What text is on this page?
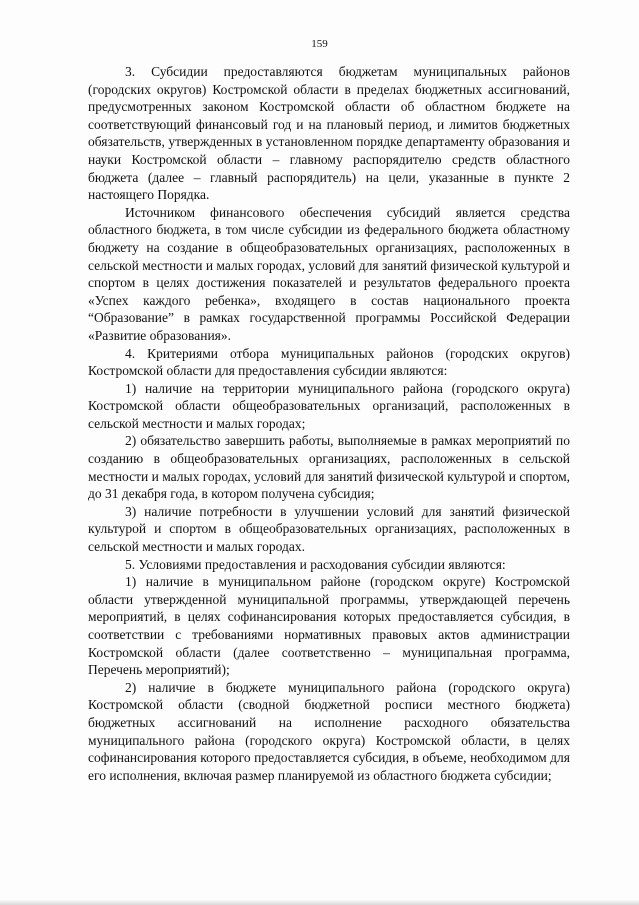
159

3. Субсидии предоставляются бюджетам муниципальных районов (городских округов) Костромской области в пределах бюджетных ассигнований, предусмотренных законом Костромской области об областном бюджете на соответствующий финансовый год и на плановый период, и лимитов бюджетных обязательств, утвержденных в установленном порядке департаменту образования и науки Костромской области – главному распорядителю средств областного бюджета (далее – главный распорядитель) на цели, указанные в пункте 2 настоящего Порядка.

Источником финансового обеспечения субсидий является средства областного бюджета, в том числе субсидии из федерального бюджета областному бюджету на создание в общеобразовательных организациях, расположенных в сельской местности и малых городах, условий для занятий физической культурой и спортом в целях достижения показателей и результатов федерального проекта «Успех каждого ребенка», входящего в состав национального проекта “Образование” в рамках государственной программы Российской Федерации «Развитие образования».

4. Критериями отбора муниципальных районов (городских округов) Костромской области для предоставления субсидии являются:

1) наличие на территории муниципального района (городского округа) Костромской области общеобразовательных организаций, расположенных в сельской местности и малых городах;

2) обязательство завершить работы, выполняемые в рамках мероприятий по созданию в общеобразовательных организациях, расположенных в сельской местности и малых городах, условий для занятий физической культурой и спортом, до 31 декабря года, в котором получена субсидия;

3) наличие потребности в улучшении условий для занятий физической культурой и спортом в общеобразовательных организациях, расположенных в сельской местности и малых городах.

5. Условиями предоставления и расходования субсидии являются:

1) наличие в муниципальном районе (городском округе) Костромской области утвержденной муниципальной программы, утверждающей перечень мероприятий, в целях софинансирования которых предоставляется субсидия, в соответствии с требованиями нормативных правовых актов администрации Костромской области (далее соответственно – муниципальная программа, Перечень мероприятий);

2) наличие в бюджете муниципального района (городского округа) Костромской области (сводной бюджетной росписи местного бюджета) бюджетных ассигнований на исполнение расходного обязательства муниципального района (городского округа) Костромской области, в целях софинансирования которого предоставляется субсидия, в объеме, необходимом для его исполнения, включая размер планируемой из областного бюджета субсидии;
